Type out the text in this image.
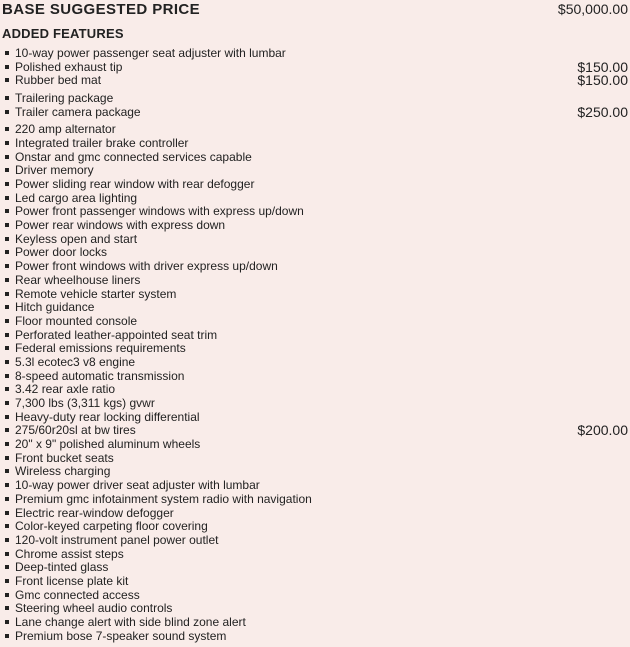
BASE SUGGESTED PRICE	$50,000.00
ADDED FEATURES
10-way power passenger seat adjuster with lumbar
Polished exhaust tip	$150.00
Rubber bed mat	$150.00
Trailering package
Trailer camera package	$250.00
220 amp alternator
Integrated trailer brake controller
Onstar and gmc connected services capable
Driver memory
Power sliding rear window with rear defogger
Led cargo area lighting
Power front passenger windows with express up/down
Power rear windows with express down
Keyless open and start
Power door locks
Power front windows with driver express up/down
Rear wheelhouse liners
Remote vehicle starter system
Hitch guidance
Floor mounted console
Perforated leather-appointed seat trim
Federal emissions requirements
5.3l ecotec3 v8 engine
8-speed automatic transmission
3.42 rear axle ratio
7,300 lbs (3,311 kgs) gvwr
Heavy-duty rear locking differential
275/60r20sl at bw tires	$200.00
20" x 9" polished aluminum wheels
Front bucket seats
Wireless charging
10-way power driver seat adjuster with lumbar
Premium gmc infotainment system radio with navigation
Electric rear-window defogger
Color-keyed carpeting floor covering
120-volt instrument panel power outlet
Chrome assist steps
Deep-tinted glass
Front license plate kit
Gmc connected access
Steering wheel audio controls
Lane change alert with side blind zone alert
Premium bose 7-speaker sound system
